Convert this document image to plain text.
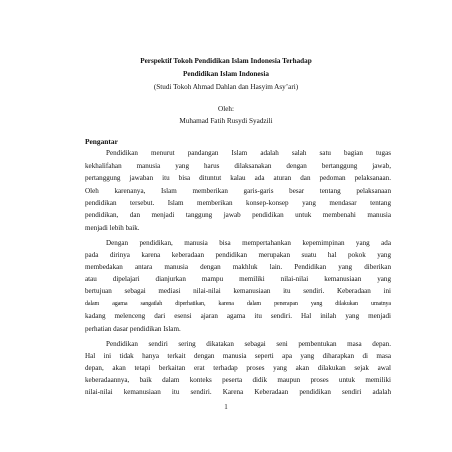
Perspektif Tokoh Pendidikan Islam Indonesia Terhadap
Pendidikan Islam Indonesia
(Studi Tokoh Ahmad Dahlan dan Hasyim Asy’ari)
Oleh:
Muhamad Fatih Rusydi Syadzili
Pengantar
Pendidikan menurut pandangan Islam adalah salah satu bagian tugas
kekhalifahan manusia yang harus dilaksanakan dengan bertanggung jawab,
pertanggung jawaban itu bisa dituntut kalau ada aturan dan pedoman pelaksanaan.
Oleh karenanya, Islam memberikan garis-garis besar tentang pelaksanaan
pendidikan tersebut. Islam memberikan konsep-konsep yang mendasar tentang
pendidikan, dan menjadi tanggung jawab pendidikan untuk membenahi manusia
menjadi lebih baik.
Dengan pendidikan, manusia bisa mempertahankan kepemimpinan yang ada
pada dirinya karena keberadaan pendidikan merupakan suatu hal pokok yang
membedakan antara manusia dengan makhluk lain. Pendidikan yang diberikan
atau dipelajari dianjurkan mampu memiliki nilai-nilai kemanusiaan yang
bertujuan sebagai mediasi nilai-nilai kemanusiaan itu sendiri. Keberadaan ini
dalam agama sangatlah diperhatikan, karena dalam penerapan yang dilakukan umatnya
kadang melenceng dari esensi ajaran agama itu sendiri. Hal inilah yang menjadi
perhatian dasar pendidikan Islam.
Pendidikan sendiri sering dikatakan sebagai seni pembentukan masa depan.
Hal ini tidak hanya terkait dengan manusia seperti apa yang diharapkan di masa
depan, akan tetapi berkaitan erat terhadap proses yang akan dilakukan sejak awal
keberadaannya, baik dalam konteks peserta didik maupun proses untuk memiliki
nilai-nilai kemanusiaan itu sendiri. Karena Keberadaan pendidikan sendiri adalah
1
